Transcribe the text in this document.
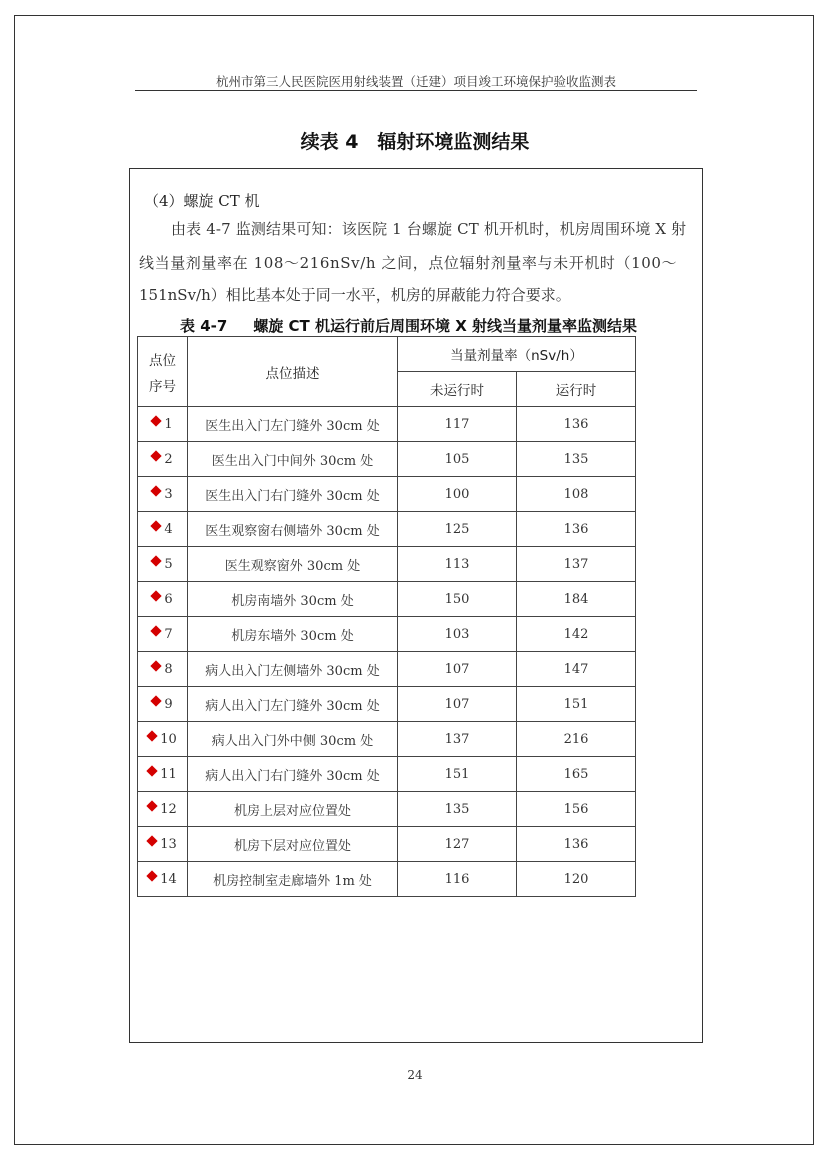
杭州市第三人民医院医用射线装置（迁建）项目竣工环境保护验收监测表
续表 4　辐射环境监测结果
（4）螺旋 CT 机
由表 4-7 监测结果可知：该医院 1 台螺旋 CT 机开机时，机房周围环境 X 射
线当量剂量率在 108～216nSv/h 之间，点位辐射剂量率与未开机时（100～
151nSv/h）相比基本处于同一水平，机房的屏蔽能力符合要求。
表 4-7 螺旋 CT 机运行前后周围环境 X 射线当量剂量率监测结果
点位
序号	点位描述	当量剂量率（nSv/h）	
		未运行时	运行时
1	医生出入门左门缝外 30cm 处	117	136
2	医生出入门中间外 30cm 处	105	135
3	医生出入门右门缝外 30cm 处	100	108
4	医生观察窗右侧墙外 30cm 处	125	136
5	医生观察窗外 30cm 处	113	137
6	机房南墙外 30cm 处	150	184
7	机房东墙外 30cm 处	103	142
8	病人出入门左侧墙外 30cm 处	107	147
9	病人出入门左门缝外 30cm 处	107	151
10	病人出入门外中侧 30cm 处	137	216
11	病人出入门右门缝外 30cm 处	151	165
12	机房上层对应位置处	135	156
13	机房下层对应位置处	127	136
14	机房控制室走廊墙外 1m 处	116	120
24
